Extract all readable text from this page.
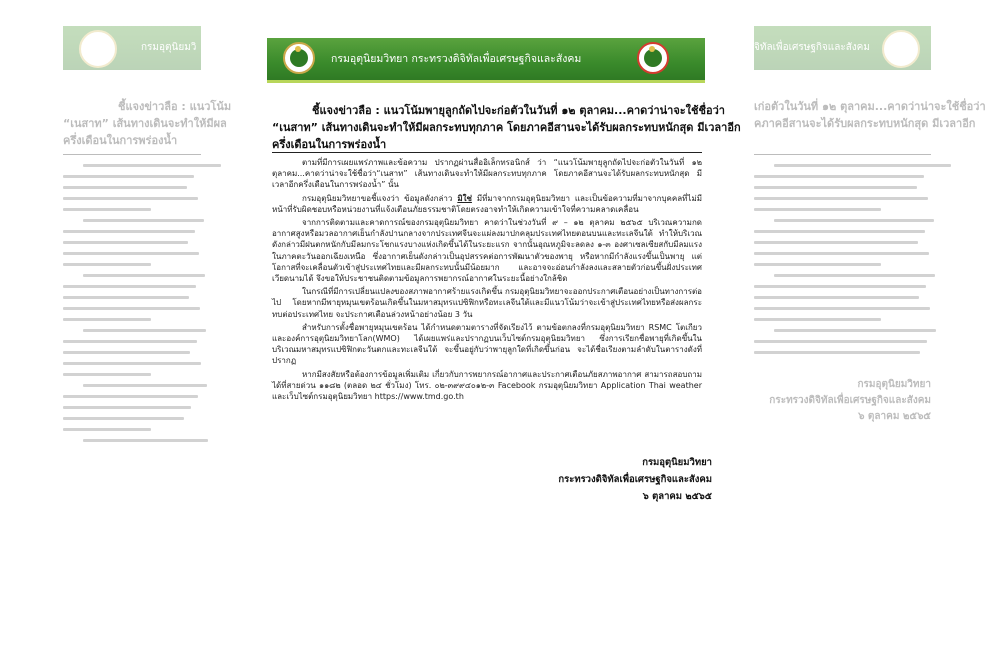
กรมอุตุนิยมวิ
ชี้แจงข่าวลือ : แนวโน้ม
“เนสาท” เส้นทางเดินจะทำให้มีผล
ครึ่งเดือนในการพร่องน้ำ
จิทัลเพื่อเศรษฐกิจและสังคม
เก่อตัวในวันที่ ๑๒ ตุลาคม...คาดว่าน่าจะใช้ชื่อว่า
คภาคอีสานจะได้รับผลกระทบหนักสุด มีเวลาอีก
กรมอุตุนิยมวิทยา
กระทรวงดิจิทัลเพื่อเศรษฐกิจและสังคม
๖ ตุลาคม ๒๕๖๕
กรมอุตุนิยมวิทยา กระทรวงดิจิทัลเพื่อเศรษฐกิจและสังคม
ชี้แจงข่าวลือ : แนวโน้มพายุลูกถัดไปจะก่อตัวในวันที่ ๑๒ ตุลาคม...คาดว่าน่าจะใช้ชื่อว่า
“เนสาท” เส้นทางเดินจะทำให้มีผลกระทบทุกภาค โดยภาคอีสานจะได้รับผลกระทบหนักสุด มีเวลาอีก
ครึ่งเดือนในการพร่องน้ำ

ตามที่มีการเผยแพร่ภาพและข้อความ ปรากฏผ่านสื่ออิเล็กทรอนิกส์ ว่า “แนวโน้มพายุลูกถัดไปจะก่อตัวในวันที่ ๑๒ ตุลาคม...คาดว่าน่าจะใช้ชื่อว่า“เนสาท” เส้นทางเดินจะทำให้มีผลกระทบทุกภาค โดยภาคอีสานจะได้รับผลกระทบหนักสุด มีเวลาอีกครึ่งเดือนในการพร่องน้ำ” นั้น

กรมอุตุนิยมวิทยาขอชี้แจงว่า ข้อมูลดังกล่าว มิใช่ มีที่มาจากกรมอุตุนิยมวิทยา และเป็นข้อความที่มาจากบุคคลที่ไม่มีหน้าที่รับผิดชอบหรือหน่วยงานที่แจ้งเตือนภัยธรรมชาติโดยตรงอาจทำให้เกิดความเข้าใจที่ความคลาดเคลื่อน

จากการติดตามและคาดการณ์ของกรมอุตุนิยมวิทยา คาดว่าในช่วงวันที่ ๙ – ๑๒ ตุลาคม ๒๕๖๕ บริเวณความกดอากาศสูงหรือมวลอากาศเย็นกำลังปานกลางจากประเทศจีนจะแผ่ลงมาปกคลุมประเทศไทยตอนบนและทะเลจีนใต้ ทำให้บริเวณดังกล่าวมีฝนตกหนักกับมีลมกระโชกแรงบางแห่งเกิดขึ้นได้ในระยะแรก จากนั้นอุณหภูมิจะลดลง ๑-๓ องศาเซลเซียสกับมีลมแรงในภาคตะวันออกเฉียงเหนือ ซึ่งอากาศเย็นดังกล่าวเป็นอุปสรรคต่อการพัฒนาตัวของพายุ หรือหากมีกำลังแรงขึ้นเป็นพายุ แต่โอกาสที่จะเคลื่อนตัวเข้าสู่ประเทศไทยและมีผลกระทบนั้นมีน้อยมาก และอาจจะอ่อนกำลังลงและสลายตัวก่อนขึ้นฝั่งประเทศเวียดนามได้ จึงขอให้ประชาชนติดตามข้อมูลการพยากรณ์อากาศในระยะนี้อย่างใกล้ชิด

ในกรณีที่มีการเปลี่ยนแปลงของสภาพอากาศร้ายแรงเกิดขึ้น กรมอุตุนิยมวิทยาจะออกประกาศเตือนอย่างเป็นทางการต่อไป โดยหากมีพายุหมุนเขตร้อนเกิดขึ้นในมหาสมุทรแปซิฟิกหรือทะเลจีนใต้และมีแนวโน้มว่าจะเข้าสู่ประเทศไทยหรือส่งผลกระทบต่อประเทศไทย จะประกาศเตือนล่วงหน้าอย่างน้อย 3 วัน

สำหรับการตั้งชื่อพายุหมุนเขตร้อน ได้กำหนดตามตารางที่จัดเรียงไว้ ตามข้อตกลงที่กรมอุตุนิยมวิทยา RSMC โตเกียว และองค์การอุตุนิยมวิทยาโลก(WMO) ได้เผยแพร่และปรากฏบนเว็บไซต์กรมอุตุนิยมวิทยา ซึ่งการเรียกชื่อพายุที่เกิดขึ้นในบริเวณมหาสมุทรแปซิฟิกตะวันตกและทะเลจีนใต้ จะขึ้นอยู่กับว่าพายุลูกใดที่เกิดขึ้นก่อน จะได้ชื่อเรียงตามลำดับในตารางดังที่ปรากฏ

หากมีสงสัยหรือต้องการข้อมูลเพิ่มเติม เกี่ยวกับการพยากรณ์อากาศและประกาศเตือนภัยสภาพอากาศ สามารถสอบถามได้ที่สายด่วน ๑๑๘๒ (ตลอด ๒๔ ชั่วโมง) โทร. ๐๒-๓๙๙๔๐๑๒-๓ Facebook กรมอุตุนิยมวิทยา Application Thai weather และเว็บไซต์กรมอุตุนิยมวิทยา https://www.tmd.go.th

กรมอุตุนิยมวิทยา
กระทรวงดิจิทัลเพื่อเศรษฐกิจและสังคม
๖ ตุลาคม ๒๕๖๕
